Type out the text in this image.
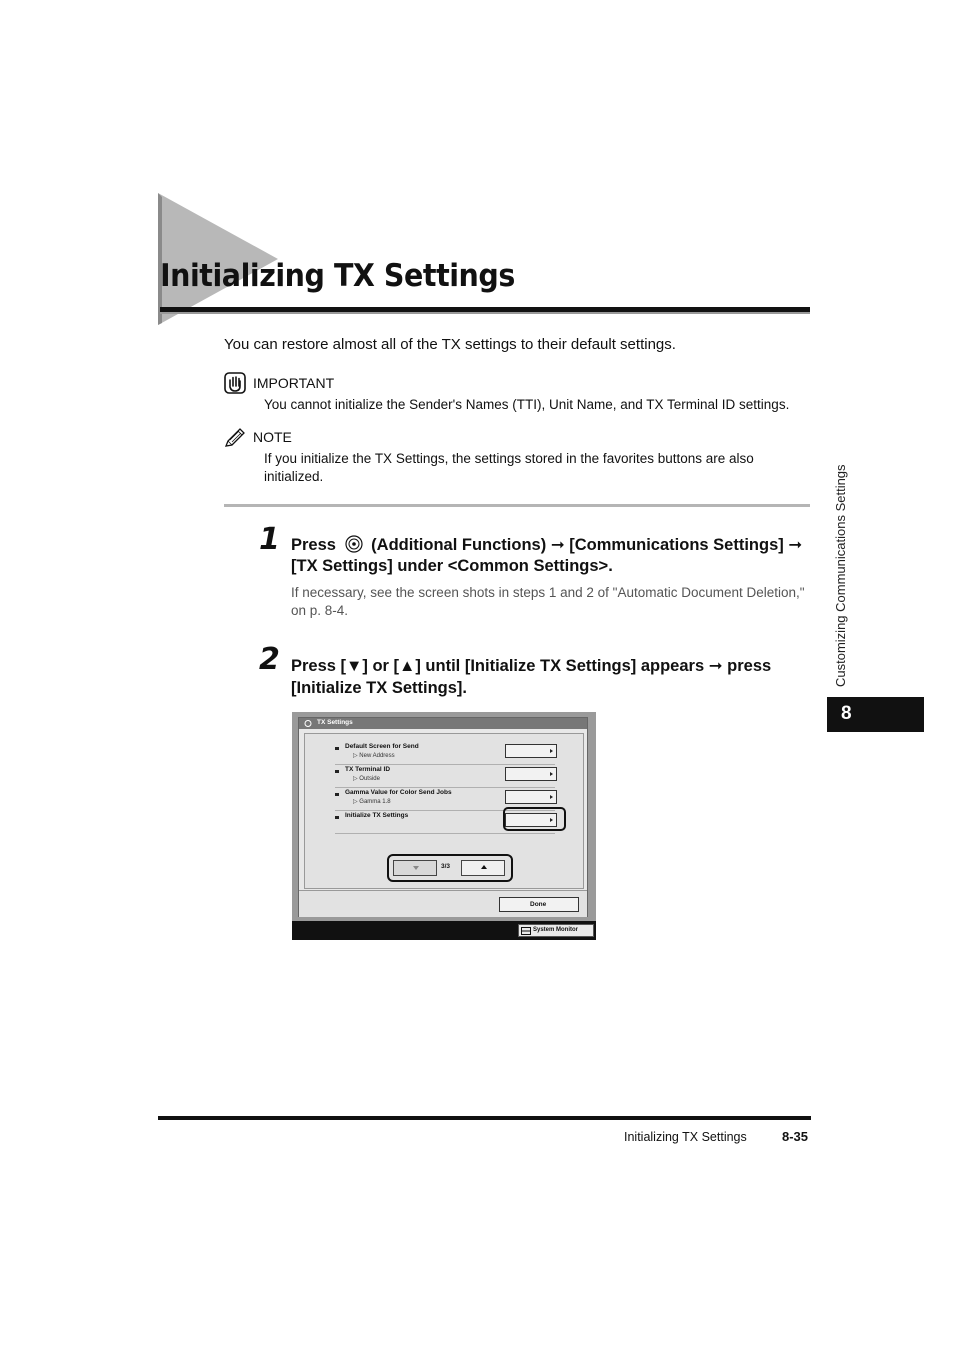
Initializing TX Settings
You can restore almost all of the TX settings to their default settings.
IMPORTANT
You cannot initialize the Sender's Names (TTI), Unit Name, and TX Terminal ID settings.
NOTE
If you initialize the TX Settings, the settings stored in the favorites buttons are also initialized.
1 Press (Additional Functions) ➞ [Communications Settings] ➞ [TX Settings] under <Common Settings>.
If necessary, see the screen shots in steps 1 and 2 of "Automatic Document Deletion," on p. 8-4.
2 Press [▼] or [▲] until [Initialize TX Settings] appears ➞ press [Initialize TX Settings].
TX Settings
Default Screen for Send
▷ New Address
TX Terminal ID
▷ Outside
Gamma Value for Color Send Jobs
▷ Gamma 1.8
Initialize TX Settings
3/3
Done
System Monitor
Customizing Communications Settings
8
Initializing TX Settings	8-35
